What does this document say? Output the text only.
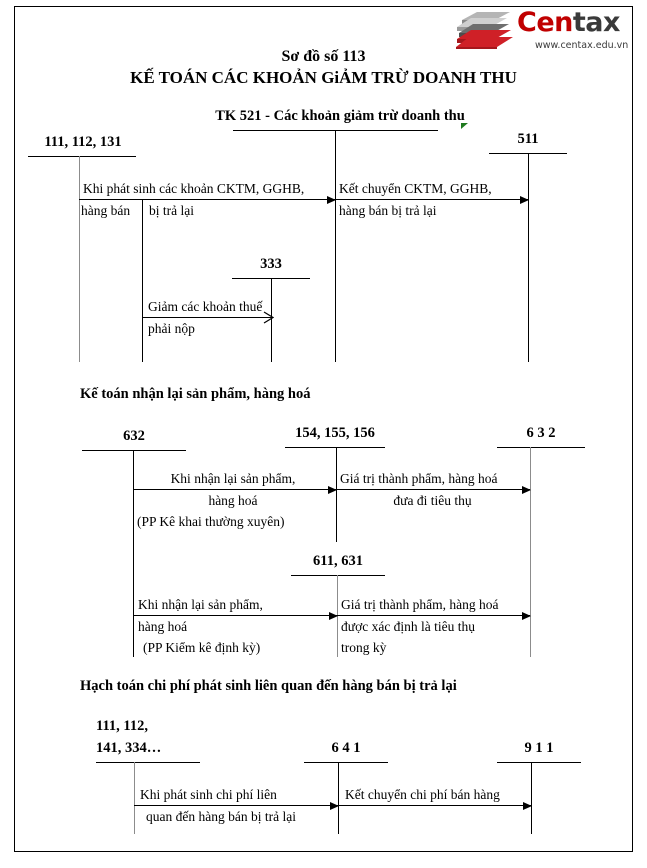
Centax
www.centax.edu.vn
Sơ đồ số 113
KẾ TOÁN CÁC KHOẢN GiẢM TRỪ DOANH THU
TK 521 - Các khoản giảm trừ doanh thu
111, 112, 131	511
Khi phát sinh các khoản CKTM, GGHB,
hàng bán bị trả lại
Kết chuyển CKTM, GGHB,
hàng bán bị trả lại
333
Giảm các khoản thuế
phải nộp
Kế toán nhận lại sản phẩm, hàng hoá
632	154, 155, 156	6 3 2
Khi nhận lại sản phẩm,
hàng hoá
(PP Kê khai thường xuyên)
Giá trị thành phẩm, hàng hoá
đưa đi tiêu thụ
611, 631
Khi nhận lại sản phẩm,
hàng hoá
(PP Kiểm kê định kỳ)
Giá trị thành phẩm, hàng hoá
được xác định là tiêu thụ
trong kỳ
Hạch toán chi phí phát sinh liên quan đến hàng bán bị trả lại
111, 112,
141, 334…	6 4 1	9 1 1
Khi phát sinh chi phí liên
quan đến hàng bán bị trả lại
Kết chuyển chi phí bán hàng
